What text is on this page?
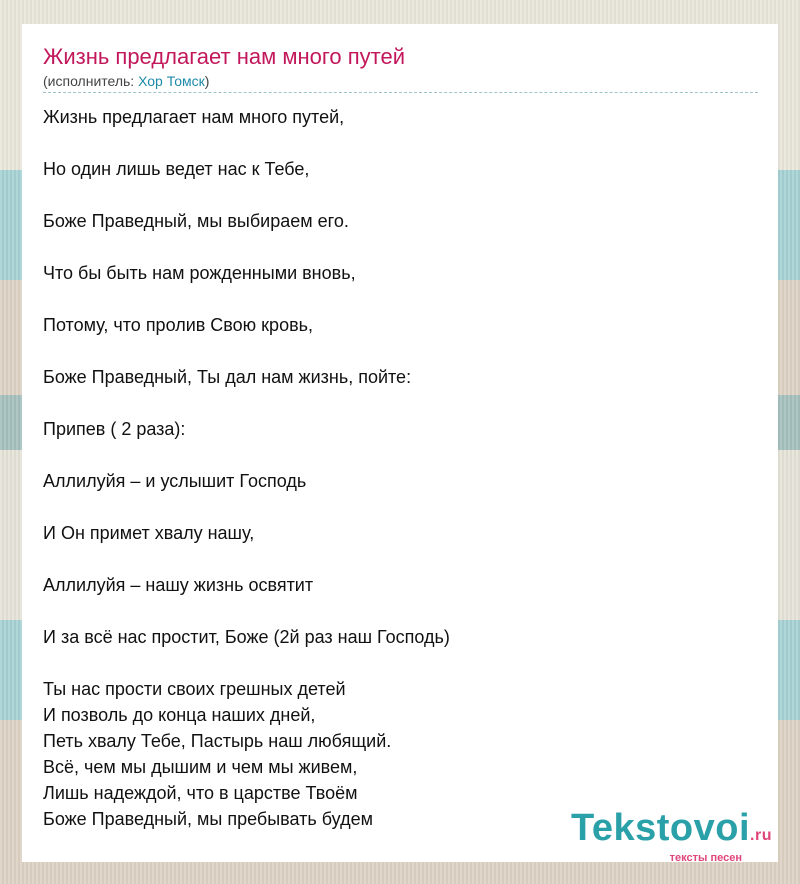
Жизнь предлагает нам много путей
(исполнитель: Хор Томск)
Жизнь предлагает нам много путей,
Но один лишь ведет нас к Тебе,
Боже Праведный, мы выбираем его.
Что бы быть нам рожденными вновь,
Потому, что пролив Свою кровь,
Боже Праведный, Ты дал нам жизнь, пойте:
Припев ( 2 раза):
Аллилуйя – и услышит Господь
И Он примет хвалу нашу,
Аллилуйя – нашу жизнь освятит
И за всё нас простит, Боже (2й раз наш Господь)
Ты нас прости своих грешных детей
И позволь до конца наших дней,
Петь хвалу Тебе, Пастырь наш любящий.
Всё, чем мы дышим и чем мы живем,
Лишь надеждой, что в царстве Твоём
Боже Праведный, мы пребывать будем	Tekstovoi.ru
тексты песен
